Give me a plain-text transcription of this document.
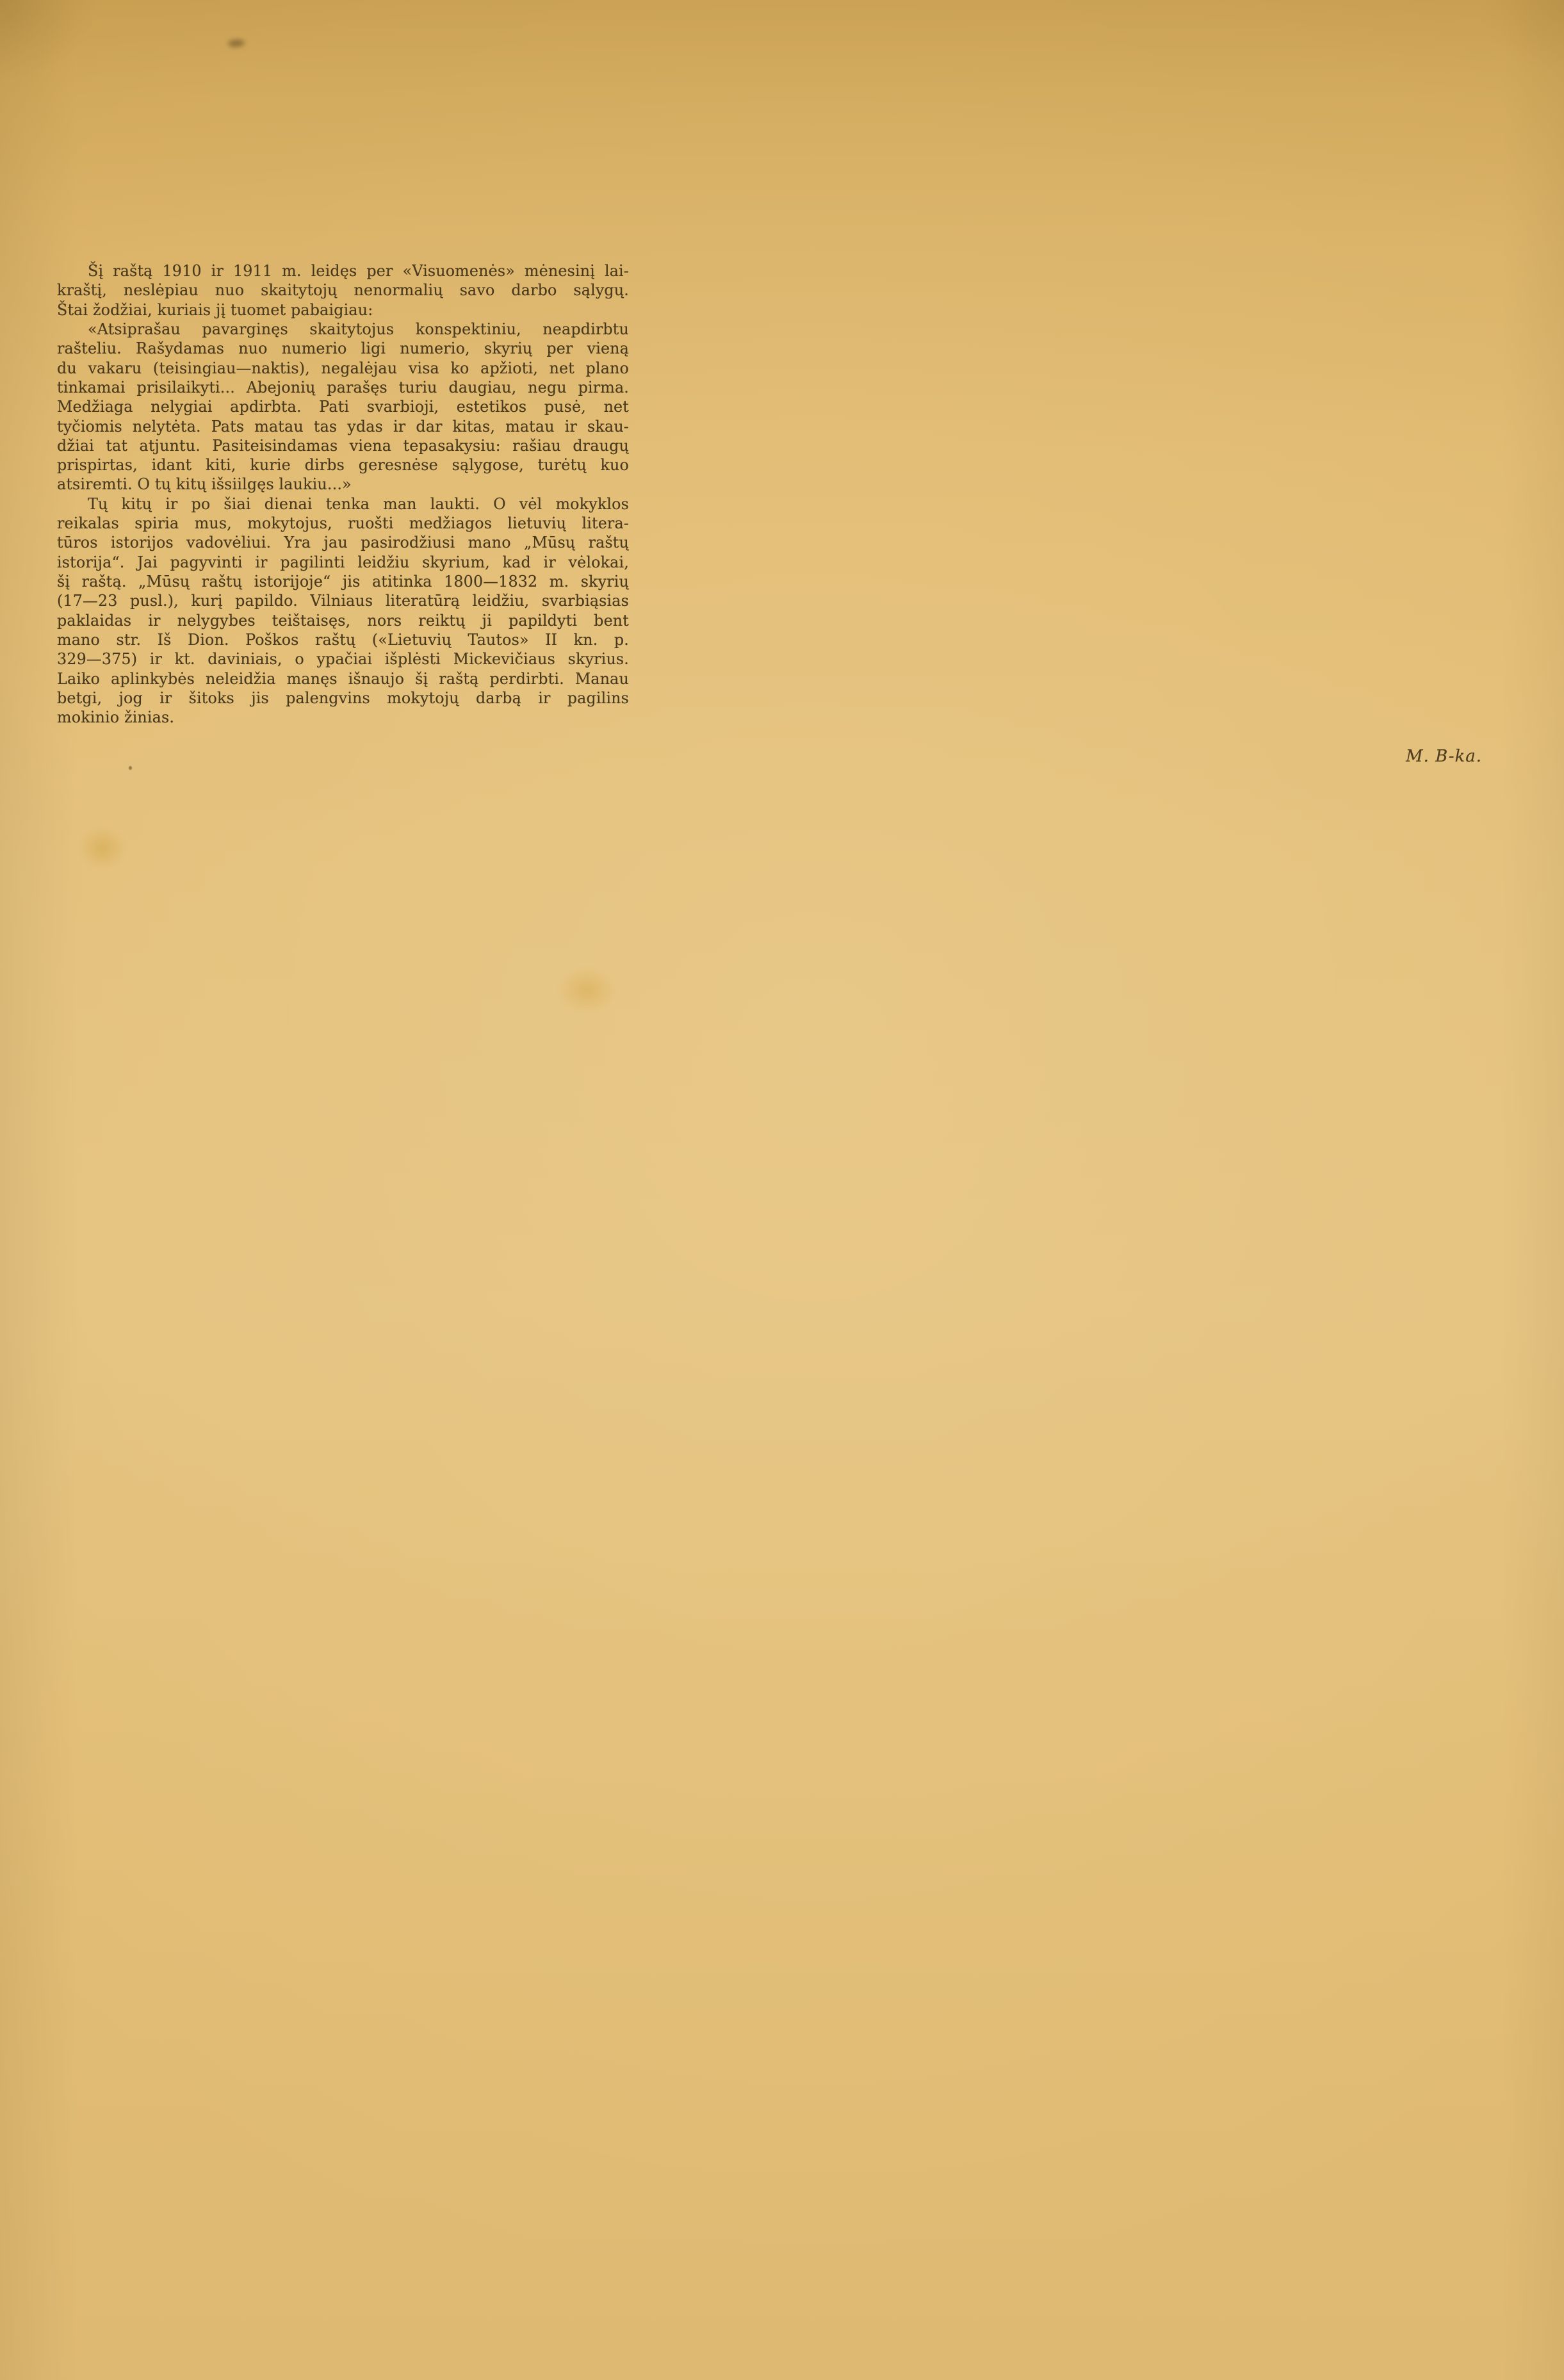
Šį raštą 1910 ir 1911 m. leidęs per «Visuomenės» mėnesinį lai-
kraštį, neslėpiau nuo skaitytojų nenormalių savo darbo sąlygų.
Štai žodžiai, kuriais jį tuomet pabaigiau:
«Atsiprašau pavarginęs skaitytojus konspektiniu, neapdirbtu
rašteliu. Rašydamas nuo numerio ligi numerio, skyrių per vieną
du vakaru (teisingiau—naktis), negalėjau visa ko apžioti, net plano
tinkamai prisilaikyti... Abejonių parašęs turiu daugiau, negu pirma.
Medžiaga nelygiai apdirbta. Pati svarbioji, estetikos pusė, net
tyčiomis nelytėta. Pats matau tas ydas ir dar kitas, matau ir skau-
džiai tat atjuntu. Pasiteisindamas viena tepasakysiu: rašiau draugų
prispirtas, idant kiti, kurie dirbs geresnėse sąlygose, turėtų kuo
atsiremti. O tų kitų išsiilgęs laukiu...»
Tų kitų ir po šiai dienai tenka man laukti. O vėl mokyklos
reikalas spiria mus, mokytojus, ruošti medžiagos lietuvių litera-
tūros istorijos vadovėliui. Yra jau pasirodžiusi mano „Mūsų raštų
istorija“. Jai pagyvinti ir pagilinti leidžiu skyrium, kad ir vėlokai,
šį raštą. „Mūsų raštų istorijoje“ jis atitinka 1800—1832 m. skyrių
(17—23 pusl.), kurį papildo. Vilniaus literatūrą leidžiu, svarbiąsias
paklaidas ir nelygybes teištaisęs, nors reiktų ji papildyti bent
mano str. Iš Dion. Poškos raštų («Lietuvių Tautos» II kn. p.
329—375) ir kt. daviniais, o ypačiai išplėsti Mickevičiaus skyrius.
Laiko aplinkybės neleidžia manęs išnaujo šį raštą perdirbti. Manau
betgi, jog ir šitoks jis palengvins mokytojų darbą ir pagilins
mokinio žinias.
M. B-ka.
